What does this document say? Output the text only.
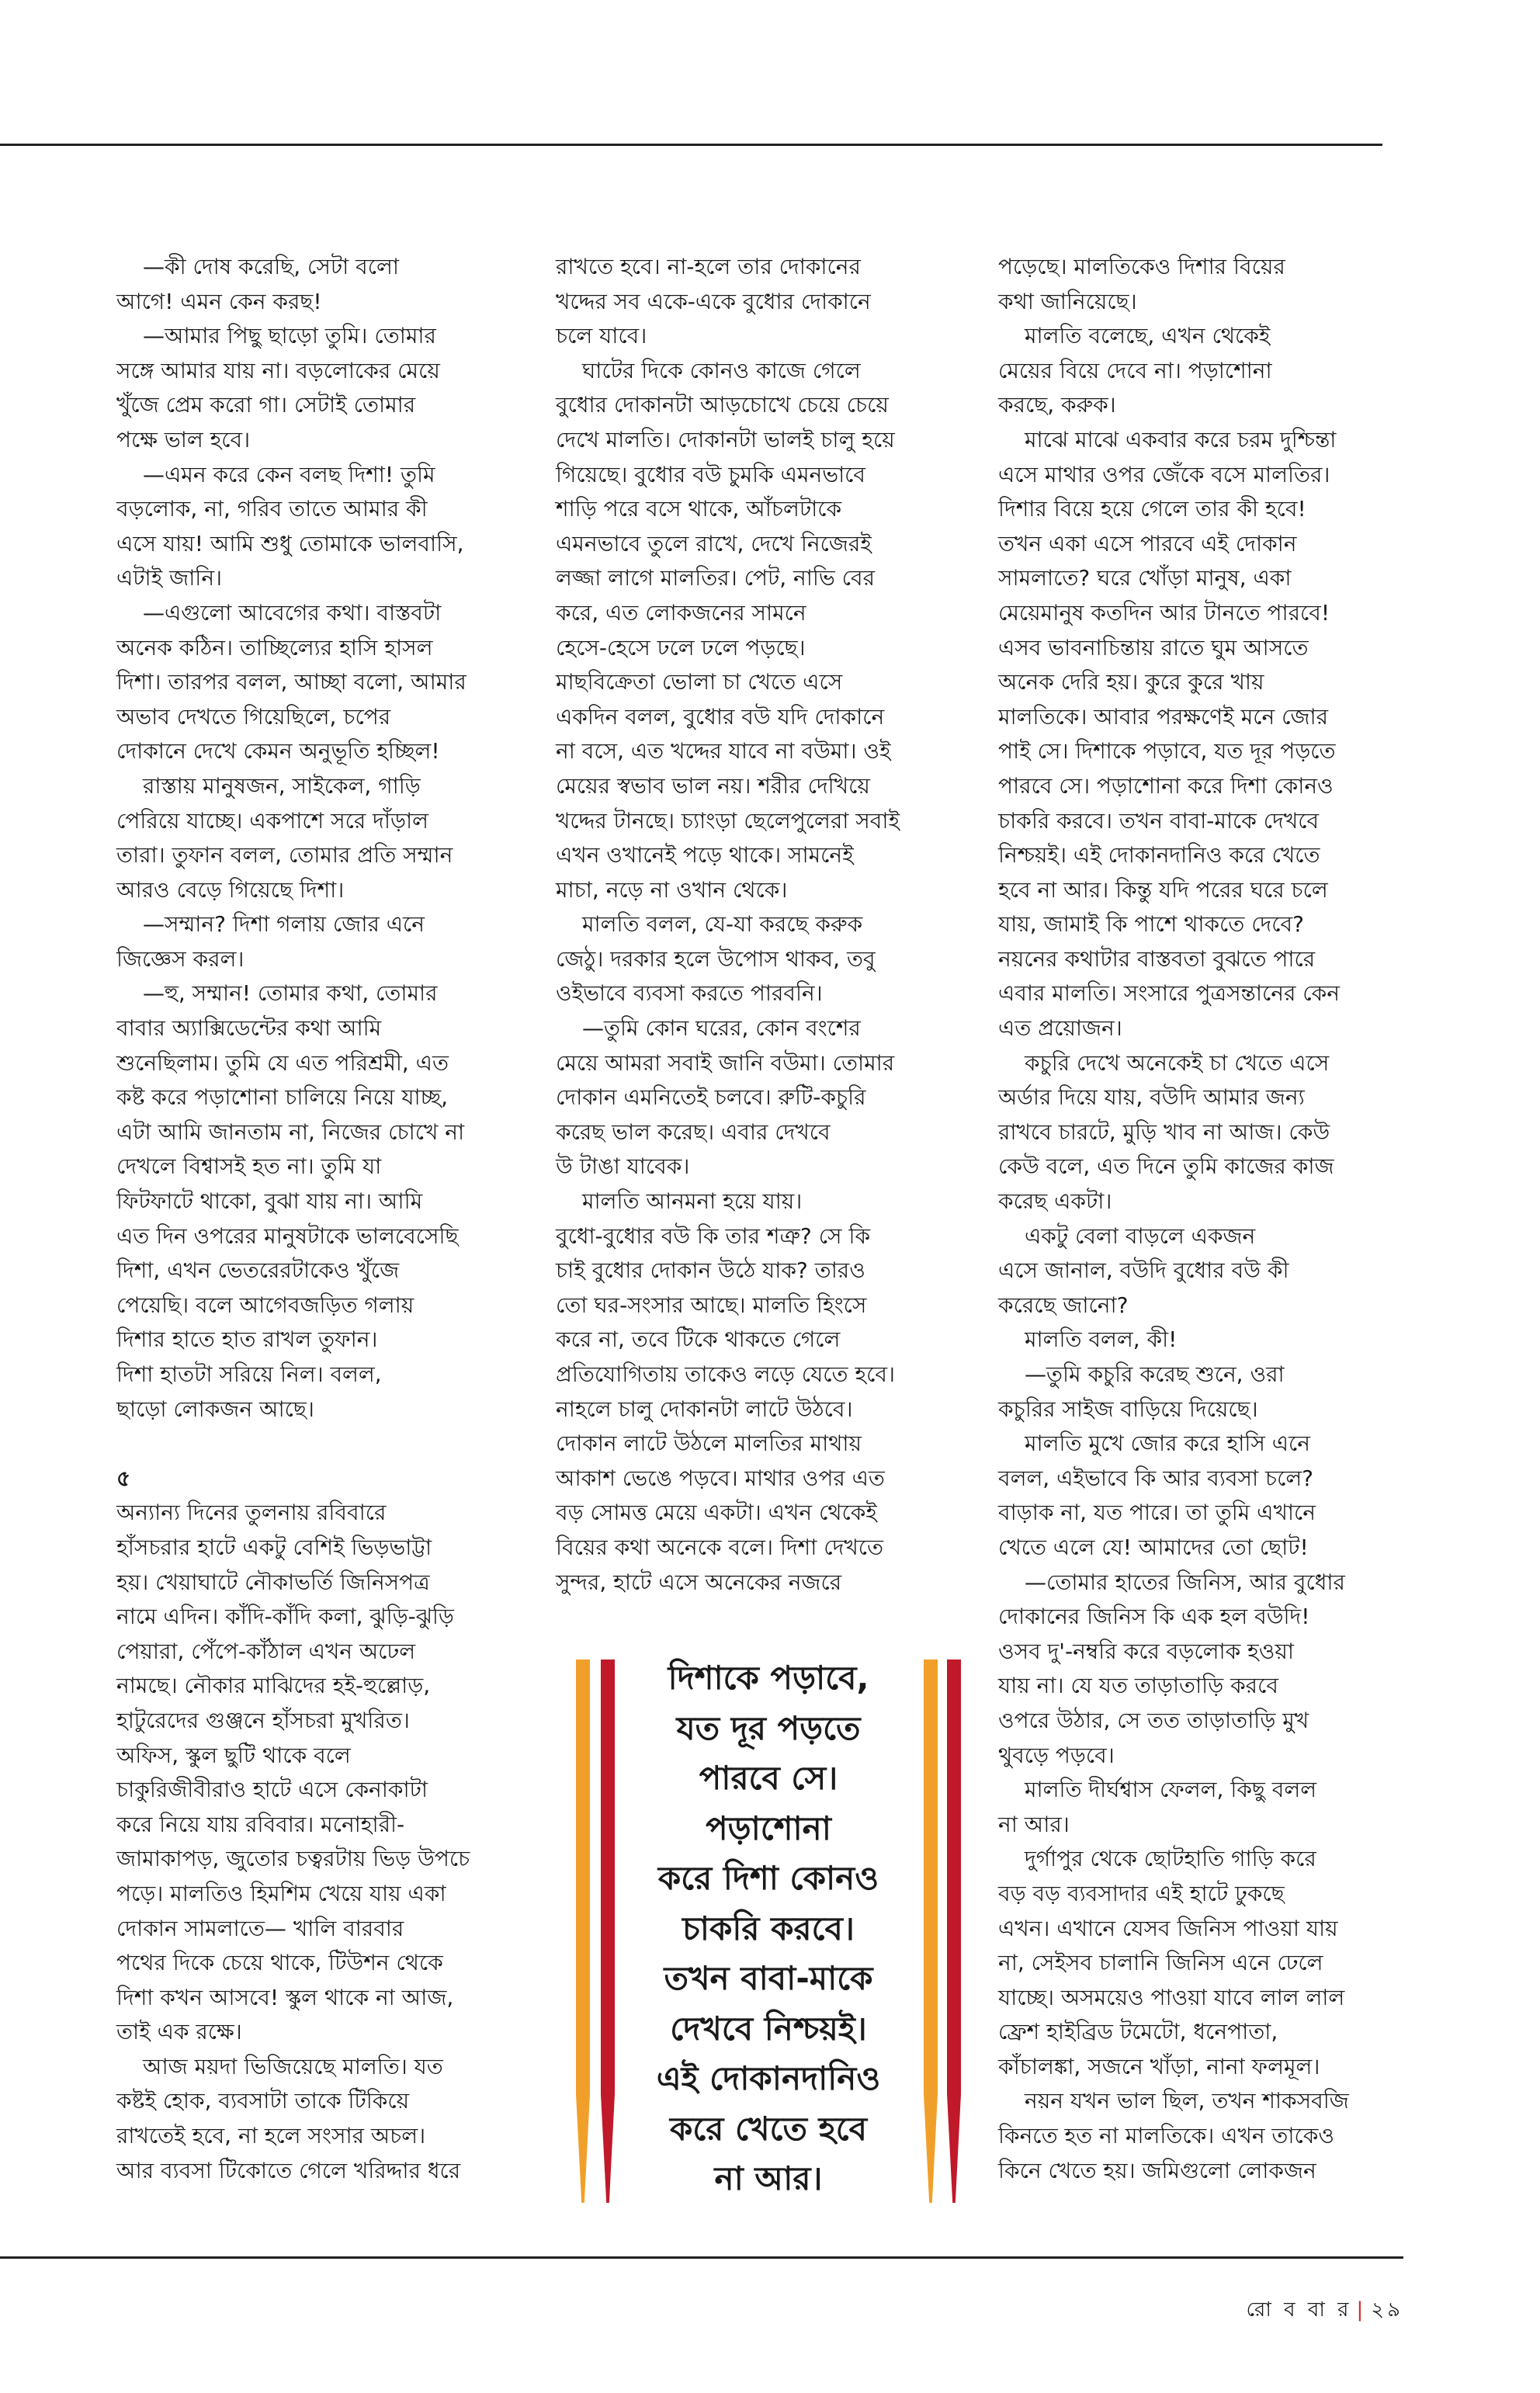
—কী দোষ করেছি, সেটা বলো
আগে! এমন কেন করছ!
—আমার পিছু ছাড়ো তুমি। তোমার
সঙ্গে আমার যায় না। বড়লোকের মেয়ে
খুঁজে প্রেম করো গা। সেটাই তোমার
পক্ষে ভাল হবে।
—এমন করে কেন বলছ দিশা! তুমি
বড়লোক, না, গরিব তাতে আমার কী
এসে যায়! আমি শুধু তোমাকে ভালবাসি,
এটাই জানি।
—এগুলো আবেগের কথা। বাস্তবটা
অনেক কঠিন। তাচ্ছিল্যের হাসি হাসল
দিশা। তারপর বলল, আচ্ছা বলো, আমার
অভাব দেখতে গিয়েছিলে, চপের
দোকানে দেখে কেমন অনুভূতি হচ্ছিল!
রাস্তায় মানুষজন, সাইকেল, গাড়ি
পেরিয়ে যাচ্ছে। একপাশে সরে দাঁড়াল
তারা। তুফান বলল, তোমার প্রতি সম্মান
আরও বেড়ে গিয়েছে দিশা।
—সম্মান? দিশা গলায় জোর এনে
জিজ্ঞেস করল।
—হু, সম্মান! তোমার কথা, তোমার
বাবার অ্যাক্সিডেন্টের কথা আমি
শুনেছিলাম। তুমি যে এত পরিশ্রমী, এত
কষ্ট করে পড়াশোনা চালিয়ে নিয়ে যাচ্ছ,
এটা আমি জানতাম না, নিজের চোখে না
দেখলে বিশ্বাসই হত না। তুমি যা
ফিটফাটে থাকো, বুঝা যায় না। আমি
এত দিন ওপরের মানুষটাকে ভালবেসেছি
দিশা, এখন ভেতরেরটাকেও খুঁজে
পেয়েছি। বলে আগেবজড়িত গলায়
দিশার হাতে হাত রাখল তুফান।
দিশা হাতটা সরিয়ে নিল। বলল,
ছাড়ো লোকজন আছে।
৫
অন্যান্য দিনের তুলনায় রবিবারে
হাঁসচরার হাটে একটু বেশিই ভিড়ভাট্টা
হয়। খেয়াঘাটে নৌকাভর্তি জিনিসপত্র
নামে এদিন। কাঁদি-কাঁদি কলা, ঝুড়ি-ঝুড়ি
পেয়ারা, পেঁপে-কাঁঠাল এখন অঢেল
নামছে। নৌকার মাঝিদের হই-হুল্লোড়,
হাটুরেদের গুঞ্জনে হাঁসচরা মুখরিত।
অফিস, স্কুল ছুটি থাকে বলে
চাকুরিজীবীরাও হাটে এসে কেনাকাটা
করে নিয়ে যায় রবিবার। মনোহারী-
জামাকাপড়, জুতোর চত্বরটায় ভিড় উপচে
পড়ে। মালতিও হিমশিম খেয়ে যায় একা
দোকান সামলাতে— খালি বারবার
পথের দিকে চেয়ে থাকে, টিউশন থেকে
দিশা কখন আসবে! স্কুল থাকে না আজ,
তাই এক রক্ষে।
আজ ময়দা ভিজিয়েছে মালতি। যত
কষ্টই হোক, ব্যবসাটা তাকে টিকিয়ে
রাখতেই হবে, না হলে সংসার অচল।
আর ব্যবসা টিকোতে গেলে খরিদ্দার ধরে
রাখতে হবে। না-হলে তার দোকানের
খদ্দের সব একে-একে বুধোর দোকানে
চলে যাবে।
ঘাটের দিকে কোনও কাজে গেলে
বুধোর দোকানটা আড়চোখে চেয়ে চেয়ে
দেখে মালতি। দোকানটা ভালই চালু হয়ে
গিয়েছে। বুধোর বউ চুমকি এমনভাবে
শাড়ি পরে বসে থাকে, আঁচলটাকে
এমনভাবে তুলে রাখে, দেখে নিজেরই
লজ্জা লাগে মালতির। পেট, নাভি বের
করে, এত লোকজনের সামনে
হেসে-হেসে ঢলে ঢলে পড়ছে।
মাছবিক্রেতা ভোলা চা খেতে এসে
একদিন বলল, বুধোর বউ যদি দোকানে
না বসে, এত খদ্দের যাবে না বউমা। ওই
মেয়ের স্বভাব ভাল নয়। শরীর দেখিয়ে
খদ্দের টানছে। চ্যাংড়া ছেলেপুলেরা সবাই
এখন ওখানেই পড়ে থাকে। সামনেই
মাচা, নড়ে না ওখান থেকে।
মালতি বলল, যে-যা করছে করুক
জেঠু। দরকার হলে উপোস থাকব, তবু
ওইভাবে ব্যবসা করতে পারবনি।
—তুমি কোন ঘরের, কোন বংশের
মেয়ে আমরা সবাই জানি বউমা। তোমার
দোকান এমনিতেই চলবে। রুটি-কচুরি
করেছ ভাল করেছ। এবার দেখবে
উ টাঙা যাবেক।
মালতি আনমনা হয়ে যায়।
বুধো-বুধোর বউ কি তার শত্রু? সে কি
চাই বুধোর দোকান উঠে যাক? তারও
তো ঘর-সংসার আছে। মালতি হিংসে
করে না, তবে টিকে থাকতে গেলে
প্রতিযোগিতায় তাকেও লড়ে যেতে হবে।
নাহলে চালু দোকানটা লাটে উঠবে।
দোকান লাটে উঠলে মালতির মাথায়
আকাশ ভেঙে পড়বে। মাথার ওপর এত
বড় সোমত্ত মেয়ে একটা। এখন থেকেই
বিয়ের কথা অনেকে বলে। দিশা দেখতে
সুন্দর, হাটে এসে অনেকের নজরে
পড়েছে। মালতিকেও দিশার বিয়ের
কথা জানিয়েছে।
মালতি বলেছে, এখন থেকেই
মেয়ের বিয়ে দেবে না। পড়াশোনা
করছে, করুক।
মাঝে মাঝে একবার করে চরম দুশ্চিন্তা
এসে মাথার ওপর জেঁকে বসে মালতির।
দিশার বিয়ে হয়ে গেলে তার কী হবে!
তখন একা এসে পারবে এই দোকান
সামলাতে? ঘরে খোঁড়া মানুষ, একা
মেয়েমানুষ কতদিন আর টানতে পারবে!
এসব ভাবনাচিন্তায় রাতে ঘুম আসতে
অনেক দেরি হয়। কুরে কুরে খায়
মালতিকে। আবার পরক্ষণেই মনে জোর
পাই সে। দিশাকে পড়াবে, যত দূর পড়তে
পারবে সে। পড়াশোনা করে দিশা কোনও
চাকরি করবে। তখন বাবা-মাকে দেখবে
নিশ্চয়ই। এই দোকানদানিও করে খেতে
হবে না আর। কিন্তু যদি পরের ঘরে চলে
যায়, জামাই কি পাশে থাকতে দেবে?
নয়নের কথাটার বাস্তবতা বুঝতে পারে
এবার মালতি। সংসারে পুত্রসন্তানের কেন
এত প্রয়োজন।
কচুরি দেখে অনেকেই চা খেতে এসে
অর্ডার দিয়ে যায়, বউদি আমার জন্য
রাখবে চারটে, মুড়ি খাব না আজ। কেউ
কেউ বলে, এত দিনে তুমি কাজের কাজ
করেছ একটা।
একটু বেলা বাড়লে একজন
এসে জানাল, বউদি বুধোর বউ কী
করেছে জানো?
মালতি বলল, কী!
—তুমি কচুরি করেছ শুনে, ওরা
কচুরির সাইজ বাড়িয়ে দিয়েছে।
মালতি মুখে জোর করে হাসি এনে
বলল, এইভাবে কি আর ব্যবসা চলে?
বাড়াক না, যত পারে। তা তুমি এখানে
খেতে এলে যে! আমাদের তো ছোট!
—তোমার হাতের জিনিস, আর বুধোর
দোকানের জিনিস কি এক হল বউদি!
ওসব দু'-নম্বরি করে বড়লোক হওয়া
যায় না। যে যত তাড়াতাড়ি করবে
ওপরে উঠার, সে তত তাড়াতাড়ি মুখ
থুবড়ে পড়বে।
মালতি দীর্ঘশ্বাস ফেলল, কিছু বলল
না আর।
দুর্গাপুর থেকে ছোটহাতি গাড়ি করে
বড় বড় ব্যবসাদার এই হাটে ঢুকছে
এখন। এখানে যেসব জিনিস পাওয়া যায়
না, সেইসব চালানি জিনিস এনে ঢেলে
যাচ্ছে। অসময়েও পাওয়া যাবে লাল লাল
ফ্রেশ হাইব্রিড টমেটো, ধনেপাতা,
কাঁচালঙ্কা, সজনে খাঁড়া, নানা ফলমূল।
নয়ন যখন ভাল ছিল, তখন শাকসবজি
কিনতে হত না মালতিকে। এখন তাকেও
কিনে খেতে হয়। জমিগুলো লোকজন
দিশাকে পড়াবে,
যত দূর পড়তে
পারবে সে।
পড়াশোনা
করে দিশা কোনও
চাকরি করবে।
তখন বাবা-মাকে
দেখবে নিশ্চয়ই।
এই দোকানদানিও
করে খেতে হবে
না আর।
রো ব বা র | ২৯
